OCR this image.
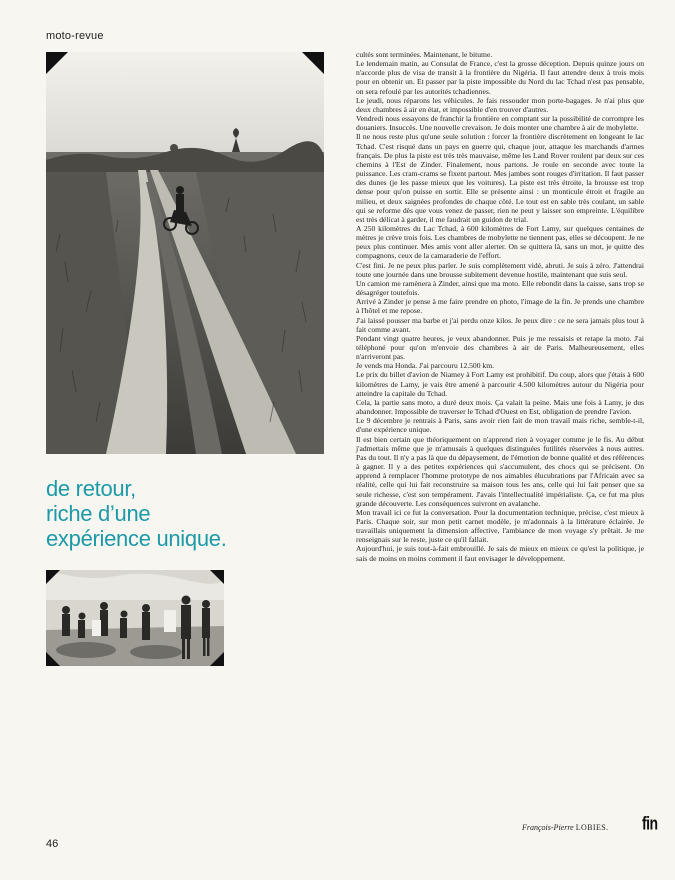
moto-revue
de retour,
riche d’une
expérience unique.

cultés sont terminées. Maintenant, le bitume.

Le lendemain matin, au Consulat de France, c'est la grosse déception. Depuis quinze jours on n'accorde plus de visa de transit à la frontière du Nigéria. Il faut attendre deux à trois mois pour en obtenir un. Et passer par la piste impossible du Nord du lac Tchad n'est pas pensable, on sera refoulé par les autorités tchadiennes.

Le jeudi, nous réparons les véhicules. Je fais ressouder mon porte-bagages. Je n'ai plus que deux chambres à air en état, et impossible d'en trouver d'autres.

Vendredi nous essayons de franchir la frontière en comptant sur la possibilité de corrompre les douaniers. Insuccès. Une nouvelle crevaison. Je dois monter une chambre à air de mobylette.

Il ne nous reste plus qu'une seule solution : forcer la frontière discrètement en longeant le lac Tchad. C'est risqué dans un pays en guerre qui, chaque jour, attaque les marchands d'armes français. De plus la piste est très très mauvaise, même les Land Rover roulent par deux sur ces chemins à l'Est de Zinder. Finalement, nous partons. Je roule en seconde avec toute la puissance. Les cram-crams se fixent partout. Mes jambes sont rouges d'irritation. Il faut passer des dunes (je les passe mieux que les voitures). La piste est très étroite, la brousse est trop dense pour qu'on puisse en sortir. Elle se présente ainsi : un monticule étroit et fragile au milieu, et deux saignées profondes de chaque côté. Le tout est en sable très coulant, un sable qui se reforme dès que vous venez de passer, rien ne peut y laisser son empreinte. L'équilibre est très délicat à garder, il me faudrait un guidon de trial.

A 250 kilomètres du Lac Tchad, à 600 kilomètres de Fort Lamy, sur quelques centaines de mètres je crève trois fois. Les chambres de mobylette ne tiennent pas, elles se découpent. Je ne peux plus continuer. Mes amis vont aller alerter. On se quittera là, sans un mot, je quitte des compagnons, ceux de la camaraderie de l'effort.

C'est fini. Je ne peux plus parler. Je suis complètement vidé, abruti. Je suis à zéro. J'attendrai toute une journée dans une brousse subitement devenue hostile, maintenant que suis seul.

Un camion me ramènera à Zinder, ainsi que ma moto. Elle rebondit dans la caisse, sans trop se désagréger toutefois.

Arrivé à Zinder je pense à me faire prendre en photo, l'image de la fin. Je prends une chambre à l'hôtel et me repose.

J'ai laissé pousser ma barbe et j'ai perdu onze kilos. Je peux dire : ce ne sera jamais plus tout à fait comme avant.

Pendant vingt quatre heures, je veux abandonner. Puis je me ressaisis et retape la moto. J'ai téléphoné pour qu'on m'envoie des chambres à air de Paris. Malheureusement, elles n'arriveront pas.

Je vends ma Honda. J'ai parcouru 12.500 km.

Le prix du billet d'avion de Niamey à Fort Lamy est prohibitif. Du coup, alors que j'étais à 600 kilomètres de Lamy, je vais être amené à parcourir 4.500 kilomètres autour du Nigéria pour atteindre la capitale du Tchad.

Cela, la partie sans moto, a duré deux mois. Ça valait la peine. Mais une fois à Lamy, je dus abandonner. Impossible de traverser le Tchad d'Ouest en Est, obligation de prendre l'avion.

Le 9 décembre je rentrais à Paris, sans avoir rien fait de mon travail mais riche, semble-t-il, d'une expérience unique.

Il est bien certain que théoriquement on n'apprend rien à voyager comme je le fis. Au début j'admettais même que je m'amusais à quelques distinguées futilités réservées à nous autres. Pas du tout. Il n'y a pas là que du dépaysement, de l'émotion de bonne qualité et des références à gagner. Il y a des petites expériences qui s'accumulent, des chocs qui se précisent. On apprend à remplacer l'homme prototype de nos aimables élucubrations par l'Africain avec sa réalité, celle qui lui fait reconstruire sa maison tous les ans, celle qui lui fait penser que sa seule richesse, c'est son tempérament. J'avais l'intellectualité impérialiste. Ça, ce fut ma plus grande découverte. Les conséquences suivront en avalanche.

Mon travail ici ce fut la conversation. Pour la documentation technique, précise, c'est mieux à Paris. Chaque soir, sur mon petit carnet modèle, je m'adonnais à la littérature éclairée. Je travaillais uniquement la dimension affective, l'ambiance de mon voyage s'y prêtait. Je me renseignais sur le reste, juste ce qu'il fallait.

Aujourd'hui, je suis tout-à-fait embrouillé. Je sais de mieux en mieux ce qu'est la politique, je sais de moins en moins comment il faut envisager le développement.

François-Pierre LOBIES. fin
46
